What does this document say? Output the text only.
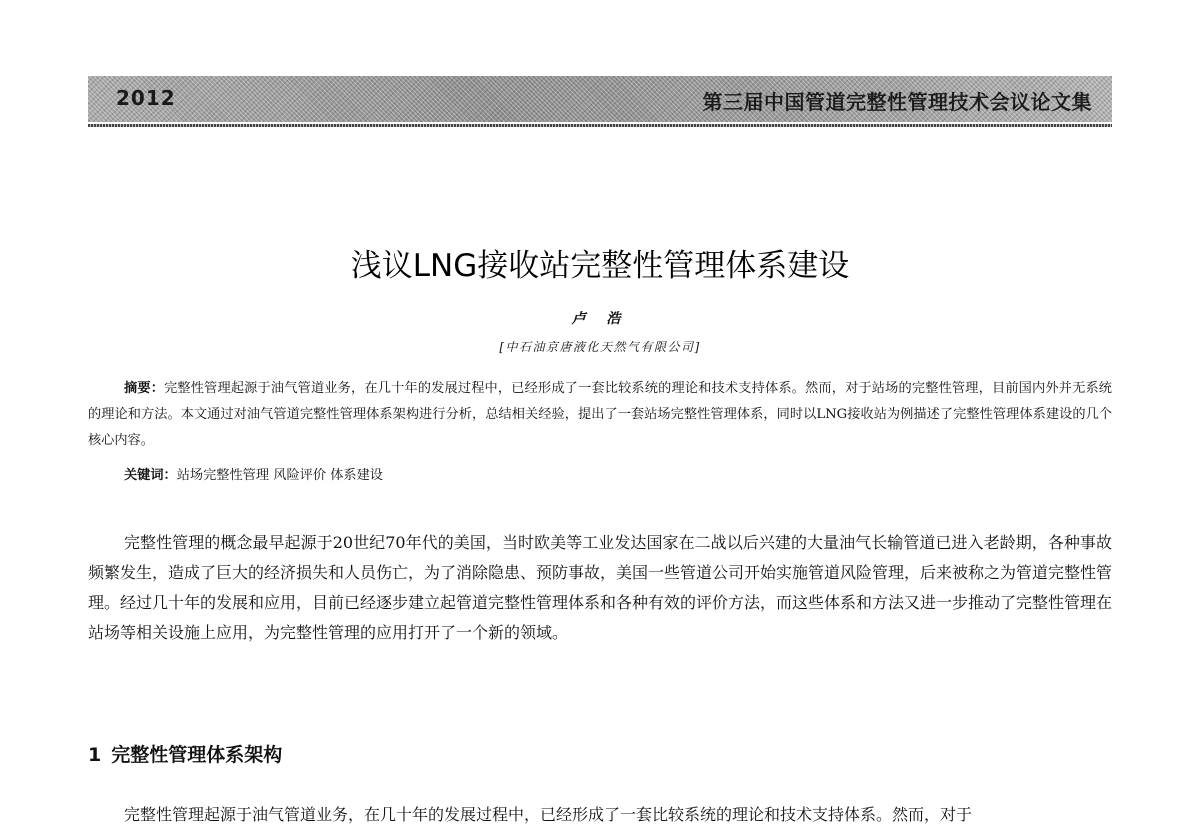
2012	第三届中国管道完整性管理技术会议论文集
浅议LNG接收站完整性管理体系建设
卢 浩
[中石油京唐液化天然气有限公司]

摘要：完整性管理起源于油气管道业务，在几十年的发展过程中，已经形成了一套比较系统的理论和技术支持体系。然而，对于站场的完整性管理，目前国内外并无系统的理论和方法。本文通过对油气管道完整性管理体系架构进行分析，总结相关经验，提出了一套站场完整性管理体系，同时以LNG接收站为例描述了完整性管理体系建设的几个核心内容。

关键词：站场完整性管理 风险评价 体系建设

完整性管理的概念最早起源于20世纪70年代的美国，当时欧美等工业发达国家在二战以后兴建的大量油气长输管道已进入老龄期，各种事故频繁发生，造成了巨大的经济损失和人员伤亡，为了消除隐患、预防事故，美国一些管道公司开始实施管道风险管理，后来被称之为管道完整性管理。经过几十年的发展和应用，目前已经逐步建立起管道完整性管理体系和各种有效的评价方法，而这些体系和方法又进一步推动了完整性管理在站场等相关设施上应用，为完整性管理的应用打开了一个新的领域。

1 完整性管理体系架构

完整性管理起源于油气管道业务，在几十年的发展过程中，已经形成了一套比较系统的理论和技术支持体系。然而，对于
